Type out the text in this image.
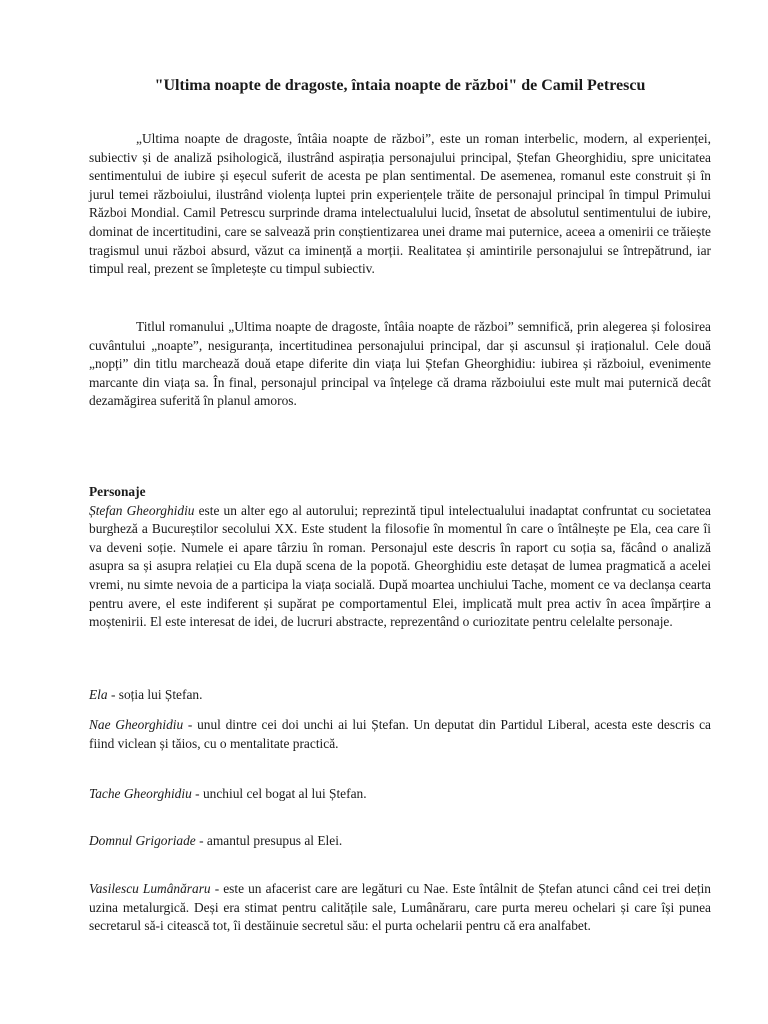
"Ultima noapte de dragoste, întaia noapte de război" de Camil Petrescu

„Ultima noapte de dragoste, întâia noapte de război”, este un roman interbelic, modern, al experienței, subiectiv și de analiză psihologică, ilustrând aspirația personajului principal, Ștefan Gheorghidiu, spre unicitatea sentimentului de iubire și eșecul suferit de acesta pe plan sentimental. De asemenea, romanul este construit și în jurul temei războiului, ilustrând violența luptei prin experiențele trăite de personajul principal în timpul Primului Război Mondial. Camil Petrescu surprinde drama intelectualului lucid, însetat de absolutul sentimentului de iubire, dominat de incertitudini, care se salvează prin conștientizarea unei drame mai puternice, aceea a omenirii ce trăiește tragismul unui război absurd, văzut ca iminență a morții. Realitatea și amintirile personajului se întrepătrund, iar timpul real, prezent se împletește cu timpul subiectiv.

Titlul romanului „Ultima noapte de dragoste, întâia noapte de război” semnifică, prin alegerea și folosirea cuvântului „noapte”, nesiguranța, incertitudinea personajului principal, dar și ascunsul și iraționalul. Cele două „nopți” din titlu marchează două etape diferite din viața lui Ștefan Gheorghidiu: iubirea și războiul, evenimente marcante din viața sa. În final, personajul principal va înțelege că drama războiului este mult mai puternică decât dezamăgirea suferită în planul amoros.

Personaje

Ștefan Gheorghidiu este un alter ego al autorului; reprezintă tipul intelectualului inadaptat confruntat cu societatea burgheză a Bucureștilor secolului XX. Este student la filosofie în momentul în care o întâlnește pe Ela, cea care îi va deveni soție. Numele ei apare târziu în roman. Personajul este descris în raport cu soția sa, făcând o analiză asupra sa și asupra relației cu Ela după scena de la popotă. Gheorghidiu este detașat de lumea pragmatică a acelei vremi, nu simte nevoia de a participa la viața socială. După moartea unchiului Tache, moment ce va declanșa cearta pentru avere, el este indiferent și supărat pe comportamentul Elei, implicată mult prea activ în acea împărțire a moștenirii. El este interesat de idei, de lucruri abstracte, reprezentând o curiozitate pentru celelalte personaje.

Ela - soția lui Ștefan.

Nae Gheorghidiu - unul dintre cei doi unchi ai lui Ștefan. Un deputat din Partidul Liberal, acesta este descris ca fiind viclean și tăios, cu o mentalitate practică.

Tache Gheorghidiu - unchiul cel bogat al lui Ștefan.

Domnul Grigoriade - amantul presupus al Elei.

Vasilescu Lumânăraru - este un afacerist care are legături cu Nae. Este întâlnit de Ștefan atunci când cei trei dețin uzina metalurgică. Deși era stimat pentru calitățile sale, Lumânăraru, care purta mereu ochelari și care își punea secretarul să-i citească tot, îi destăinuie secretul său: el purta ochelarii pentru că era analfabet.
